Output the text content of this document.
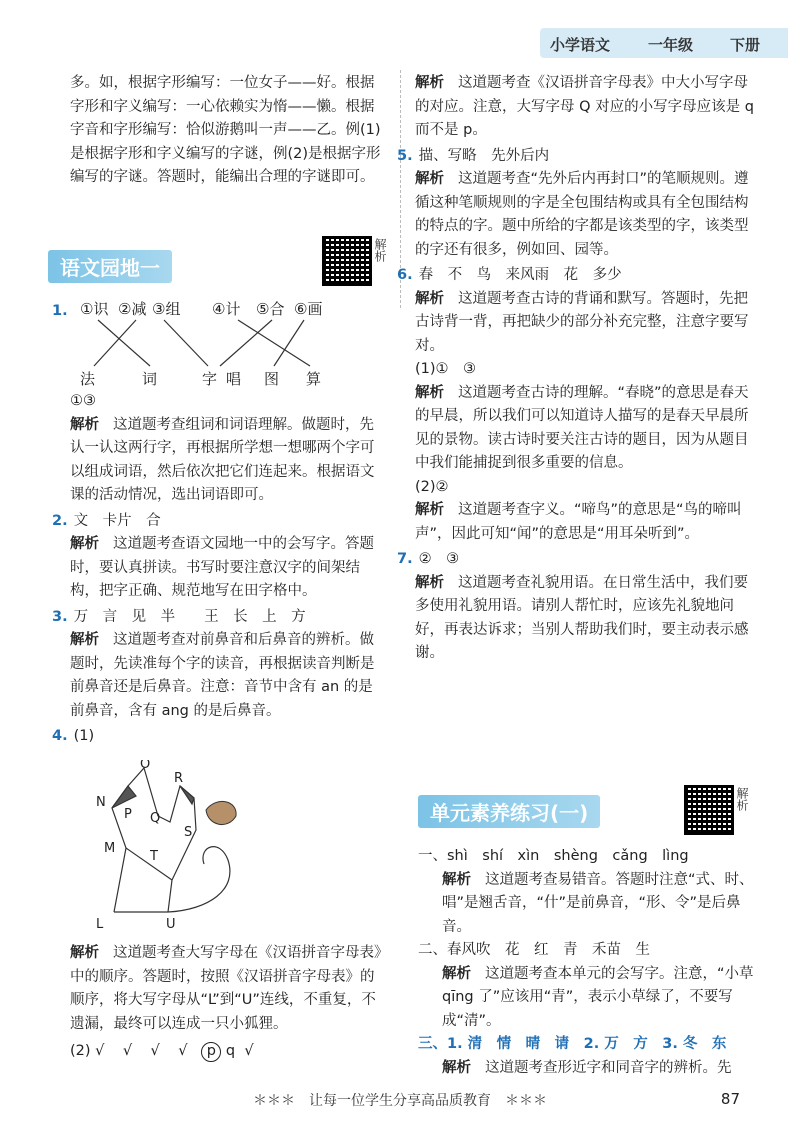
小学语文	一年级 下册

多。如，根据字形编写：一位女子——好。根据字形和字义编写：一心依赖实为惰——懒。根据字音和字形编写：恰似游鹅叫一声——乙。例(1)是根据字形和字义编写的字谜，例(2)是根据字形编写的字谜。答题时，能编出合理的字谜即可。

语文园地一
解析

1. ①识 ②减 ③组 ④计 ⑤合 ⑥画
法	词	字 唱 图 算

①③

解析 这道题考查组词和词语理解。做题时，先认一认这两行字，再根据所学想一想哪两个字可以组成词语，然后依次把它们连起来。根据语文课的活动情况，选出词语即可。

2. 文　卡片　合

解析 这道题考查语文园地一中的会写字。答题时，要认真拼读。书写时要注意汉字的间架结构，把字正确、规范地写在田字格中。

3. 万　言　见　半　　王　长　上　方

解析 这道题考查对前鼻音和后鼻音的辨析。做题时，先读准每个字的读音，再根据读音判断是前鼻音还是后鼻音。注意：音节中含有 an 的是前鼻音，含有 ang 的是后鼻音。

4. (1)

O
R
N
P Q
S
M
T
L	U

解析 这道题考查大写字母在《汉语拼音字母表》中的顺序。答题时，按照《汉语拼音字母表》的顺序，将大写字母从“L”到“U”连线，不重复，不遗漏，最终可以连成一只小狐狸。

(2) √ √ √ √ p q √

解析 这道题考查《汉语拼音字母表》中大小写字母的对应。注意，大写字母 Q 对应的小写字母应该是 q 而不是 p。

5. 描、写略　先外后内

解析 这道题考查“先外后内再封口”的笔顺规则。遵循这种笔顺规则的字是全包围结构或具有全包围结构的特点的字。题中所给的字都是该类型的字，该类型的字还有很多，例如回、园等。

6. 春　不　鸟　来风雨　花　多少

解析 这道题考查古诗的背诵和默写。答题时，先把古诗背一背，再把缺少的部分补充完整，注意字要写对。

(1)①　③

解析 这道题考查古诗的理解。“春晓”的意思是春天的早晨，所以我们可以知道诗人描写的是春天早晨所见的景物。读古诗时要关注古诗的题目，因为从题目中我们能捕捉到很多重要的信息。

(2)②

解析 这道题考查字义。“啼鸟”的意思是“鸟的啼叫声”，因此可知“闻”的意思是“用耳朵听到”。

7. ②　③

解析 这道题考查礼貌用语。在日常生活中，我们要多使用礼貌用语。请别人帮忙时，应该先礼貌地问好，再表达诉求；当别人帮助我们时，要主动表示感谢。

单元素养练习(一)
解析

一、shì　shí　xìn　shèng　cǎng　lìng

解析 这道题考查易错音。答题时注意“式、时、唱”是翘舌音，“什”是前鼻音，“形、令”是后鼻音。

二、春风吹　花　红　青　禾苗　生

解析 这道题考查本单元的会写字。注意，“小草 qīng 了”应该用“青”，表示小草绿了，不要写成“清”。

三、1. 清　情　晴　请　2. 万　方　3. 冬　东

解析 这道题考查形近字和同音字的辨析。先

＊＊＊　让每一位学生分享高品质教育　＊＊＊	87
